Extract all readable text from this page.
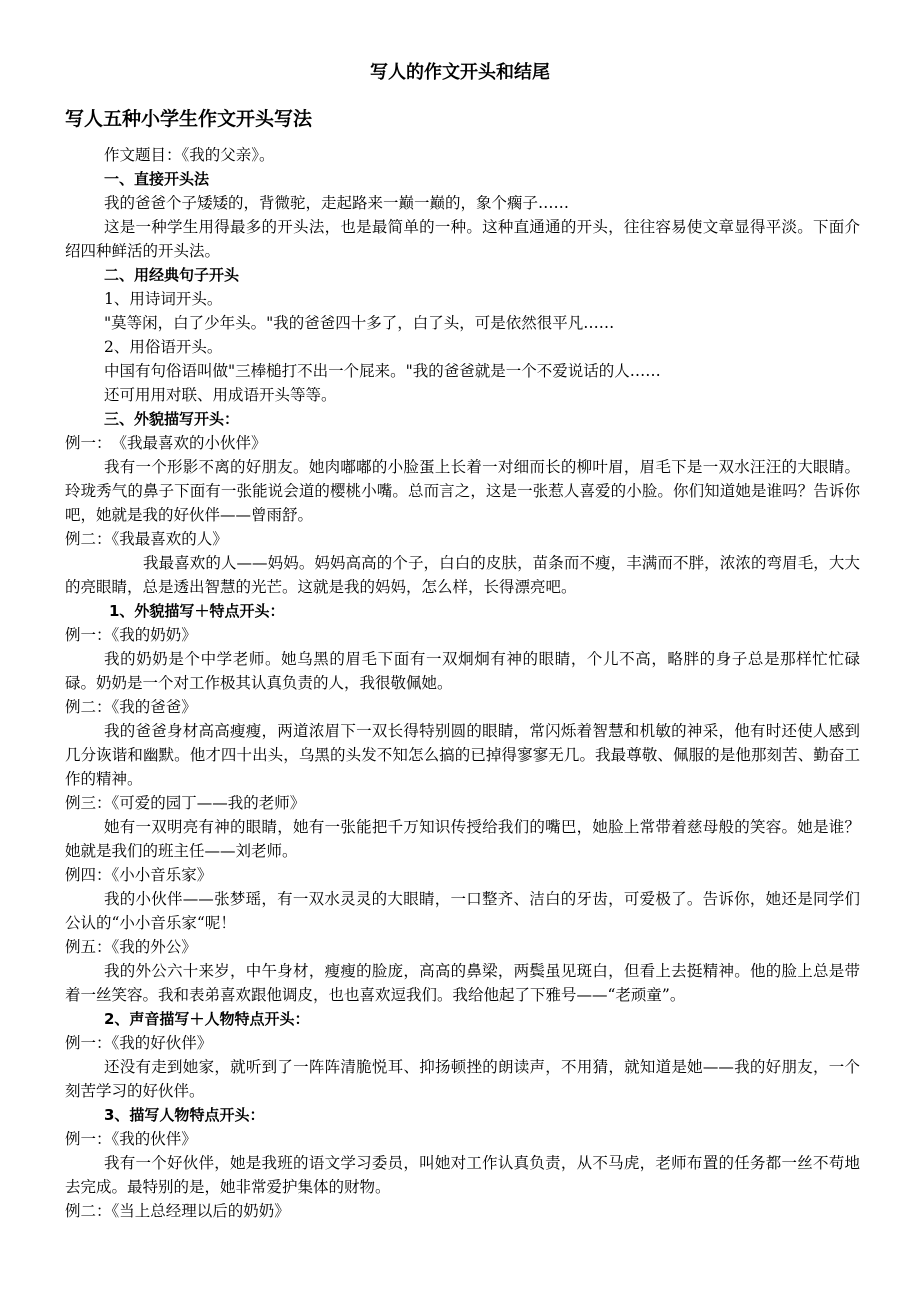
写人的作文开头和结尾
写人五种小学生作文开头写法
作文题目：《我的父亲》。
一、直接开头法
我的爸爸个子矮矮的，背微驼，走起路来一巅一巅的，象个瘸子……
这是一种学生用得最多的开头法，也是最简单的一种。这种直通通的开头，往往容易使文章显得平淡。下面介绍四种鲜活的开头法。
二、用经典句子开头
1、用诗词开头。
"莫等闲，白了少年头。"我的爸爸四十多了，白了头，可是依然很平凡……
2、用俗语开头。
中国有句俗语叫做"三棒槌打不出一个屁来。"我的爸爸就是一个不爱说话的人……
还可用用对联、用成语开头等等。
三、外貌描写开头：
例一：　《我最喜欢的小伙伴》
我有一个形影不离的好朋友。她肉嘟嘟的小脸蛋上长着一对细而长的柳叶眉，眉毛下是一双水汪汪的大眼睛。玲珑秀气的鼻子下面有一张能说会道的樱桃小嘴。总而言之，这是一张惹人喜爱的小脸。你们知道她是谁吗？告诉你吧，她就是我的好伙伴——曾雨舒。
例二：《我最喜欢的人》
我最喜欢的人——妈妈。妈妈高高的个子，白白的皮肤，苗条而不瘦，丰满而不胖，浓浓的弯眉毛，大大的亮眼睛，总是透出智慧的光芒。这就是我的妈妈，怎么样，长得漂亮吧。
1、外貌描写＋特点开头：
例一：《我的奶奶》
我的奶奶是个中学老师。她乌黑的眉毛下面有一双炯炯有神的眼睛，个儿不高，略胖的身子总是那样忙忙碌碌。奶奶是一个对工作极其认真负责的人，我很敬佩她。
例二：《我的爸爸》
我的爸爸身材高高瘦瘦，两道浓眉下一双长得特别圆的眼睛，常闪烁着智慧和机敏的神采，他有时还使人感到几分诙谐和幽默。他才四十出头，乌黑的头发不知怎么搞的已掉得寥寥无几。我最尊敬、佩服的是他那刻苦、勤奋工作的精神。
例三：《可爱的园丁——我的老师》
她有一双明亮有神的眼睛，她有一张能把千万知识传授给我们的嘴巴，她脸上常带着慈母般的笑容。她是谁？她就是我们的班主任——刘老师。
例四：《小小音乐家》
我的小伙伴——张梦瑶，有一双水灵灵的大眼睛，一口整齐、洁白的牙齿，可爱极了。告诉你，她还是同学们公认的“小小音乐家“呢！
例五：《我的外公》
我的外公六十来岁，中午身材，瘦瘦的脸庞，高高的鼻梁，两鬓虽见斑白，但看上去挺精神。他的脸上总是带着一丝笑容。我和表弟喜欢跟他调皮，也也喜欢逗我们。我给他起了下雅号——“老顽童”。
2、声音描写＋人物特点开头：
例一：《我的好伙伴》
还没有走到她家，就听到了一阵阵清脆悦耳、抑扬顿挫的朗读声，不用猜，就知道是她——我的好朋友，一个刻苦学习的好伙伴。
3、描写人物特点开头：
例一：《我的伙伴》
我有一个好伙伴，她是我班的语文学习委员，叫她对工作认真负责，从不马虎，老师布置的任务都一丝不苟地去完成。最特别的是，她非常爱护集体的财物。
例二：《当上总经理以后的奶奶》
